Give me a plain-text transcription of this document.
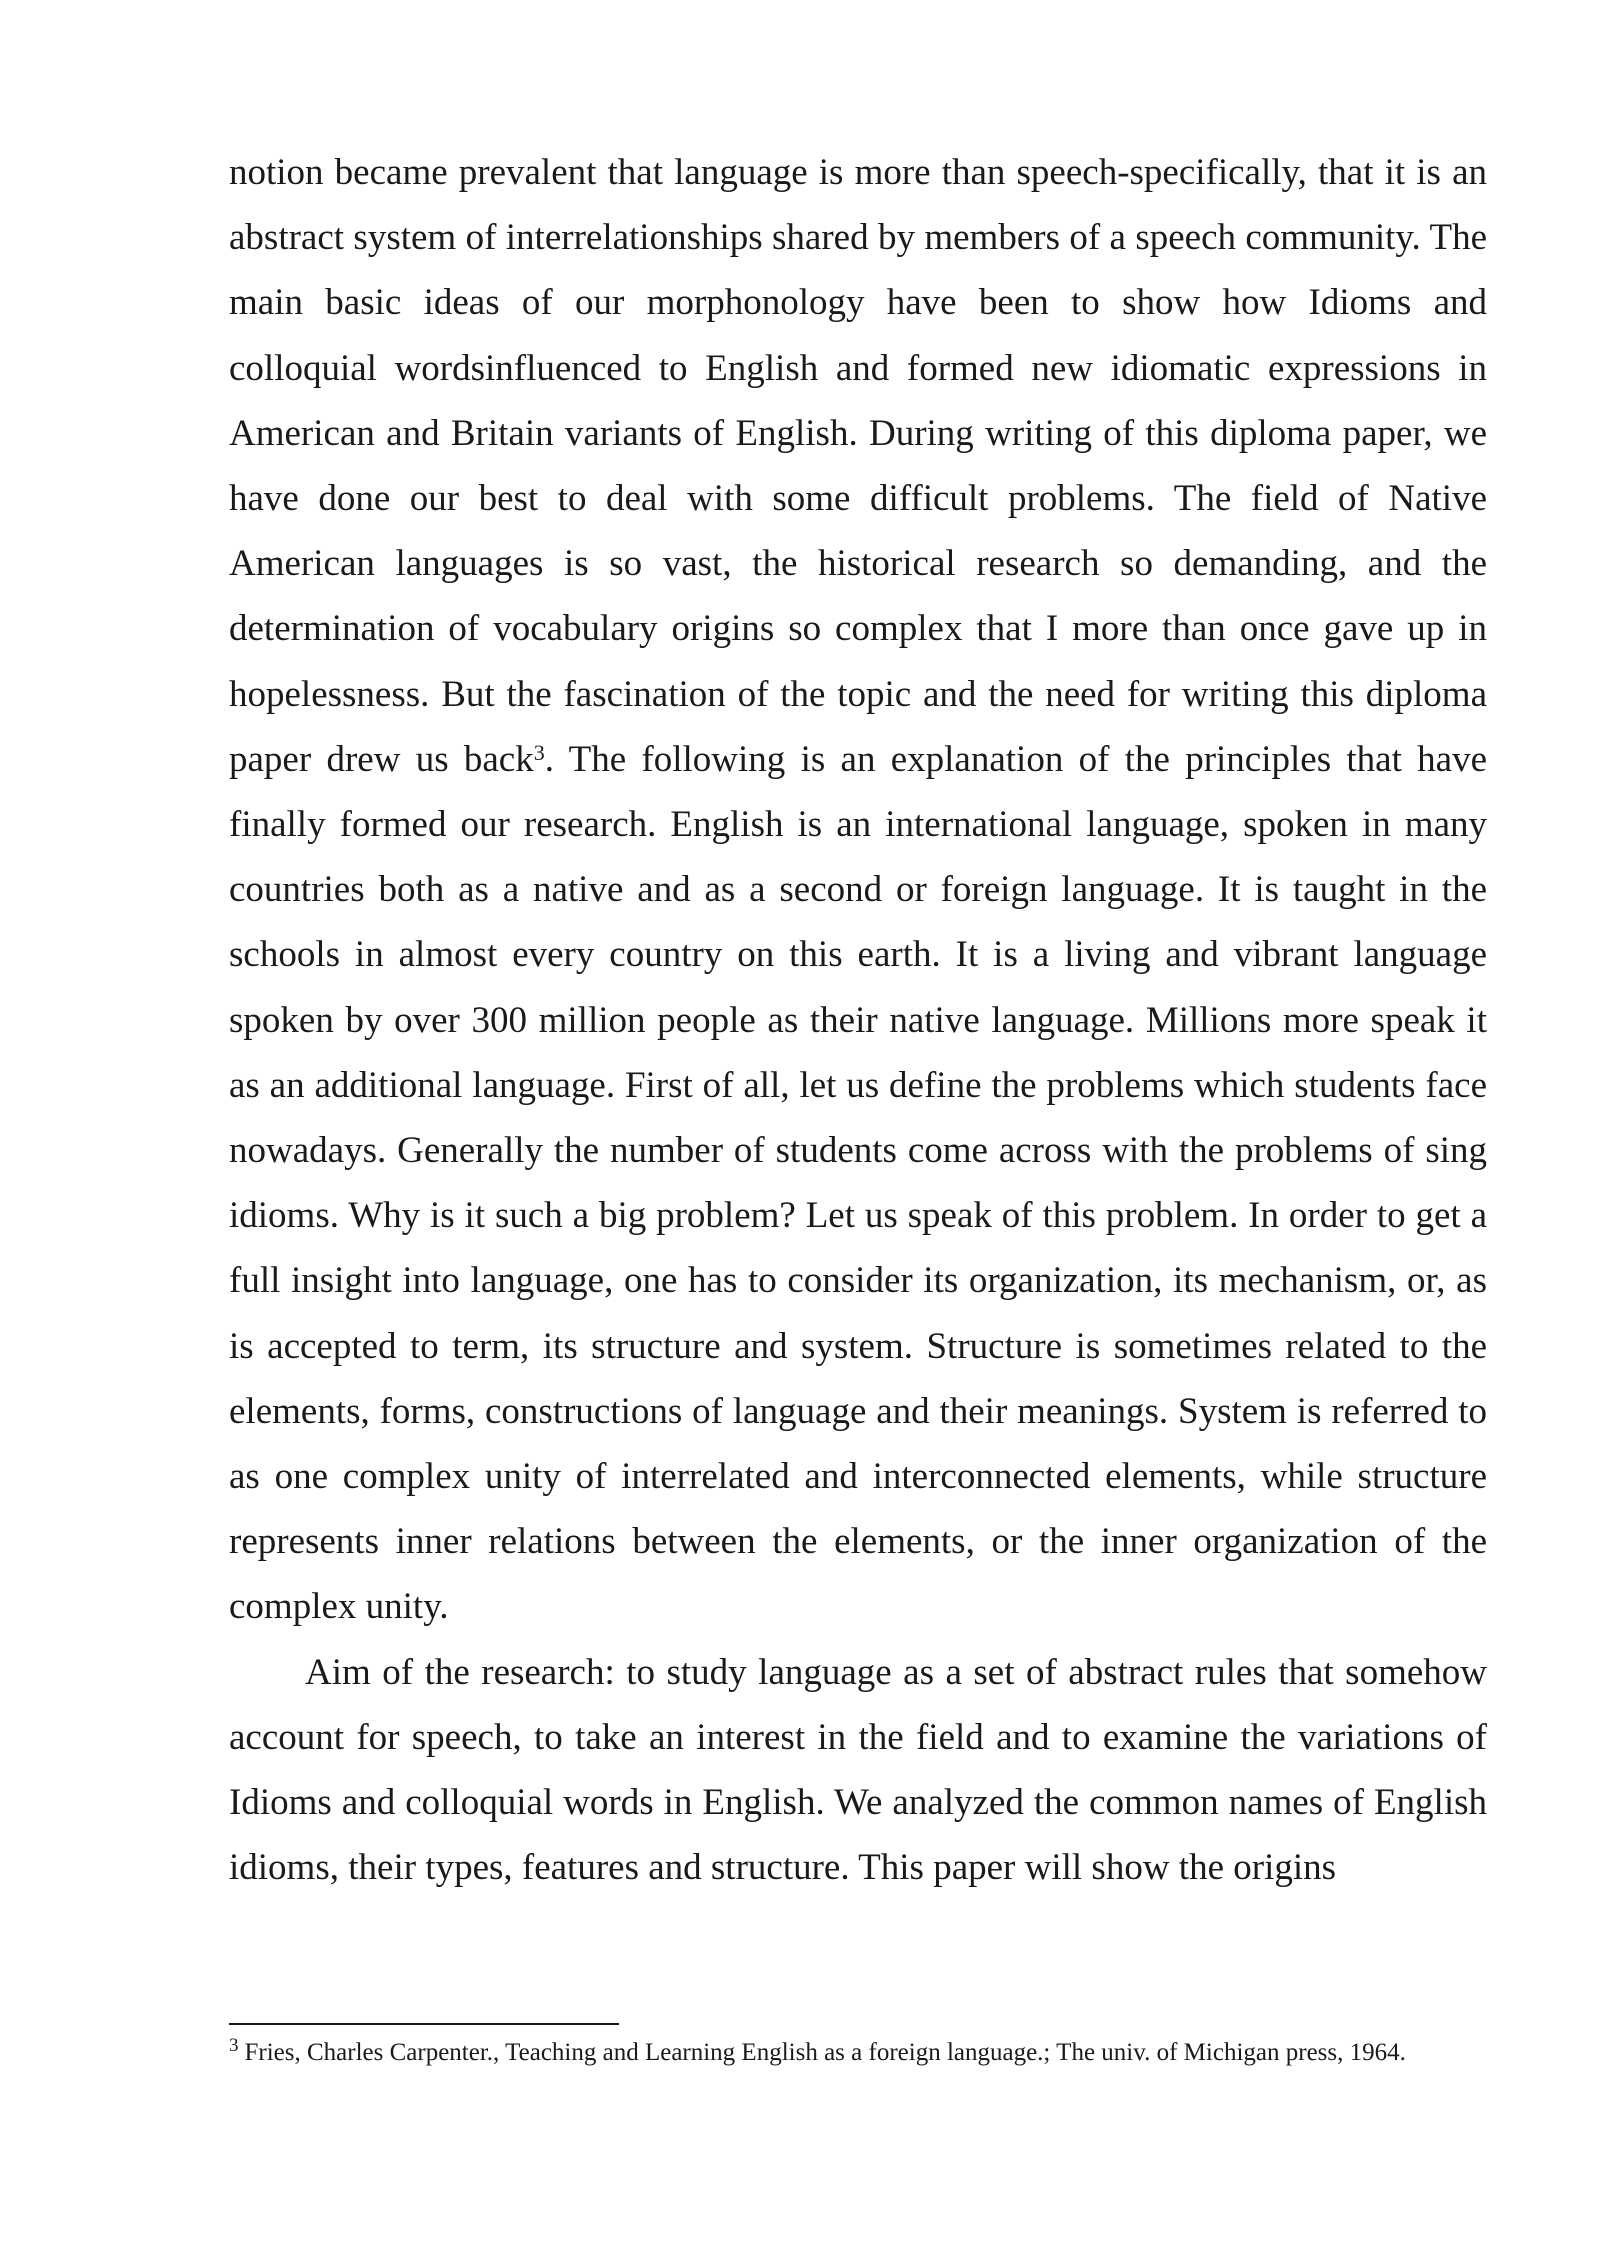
notion became prevalent that language is more than speech-specifically, that it is an abstract system of interrelationships shared by members of a speech community. The main basic ideas of our morphonology have been to show how Idioms and colloquial wordsinfluenced to English and formed new idiomatic expressions in American and Britain variants of English. During writing of this diploma paper, we have done our best to deal with some difficult problems. The field of Native American languages is so vast, the historical research so demanding, and the determination of vocabulary origins so complex that I more than once gave up in hopelessness. But the fascination of the topic and the need for writing this diploma paper drew us back$^3$. The following is an explanation of the principles that have finally formed our research. English is an international language, spoken in many countries both as a native and as a second or foreign language. It is taught in the schools in almost every country on this earth. It is a living and vibrant language spoken by over 300 million people as their native language. Millions more speak it as an additional language. First of all, let us define the problems which students face nowadays. Generally the number of students come across with the problems of sing idioms. Why is it such a big problem? Let us speak of this problem. In order to get a full insight into language, one has to consider its organization, its mechanism, or, as is accepted to term, its structure and system. Structure is sometimes related to the elements, forms, constructions of language and their meanings. System is referred to as one complex unity of interrelated and interconnected elements, while structure represents inner relations between the elements, or the inner organization of the complex unity.

Aim of the research: to study language as a set of abstract rules that somehow account for speech, to take an interest in the field and to examine the variations of Idioms and colloquial words in English. We analyzed the common names of English idioms, their types, features and structure. This paper will show the origins

$^3$ Fries, Charles Carpenter., Teaching and Learning English as a foreign language.; The univ. of Michigan press, 1964.
